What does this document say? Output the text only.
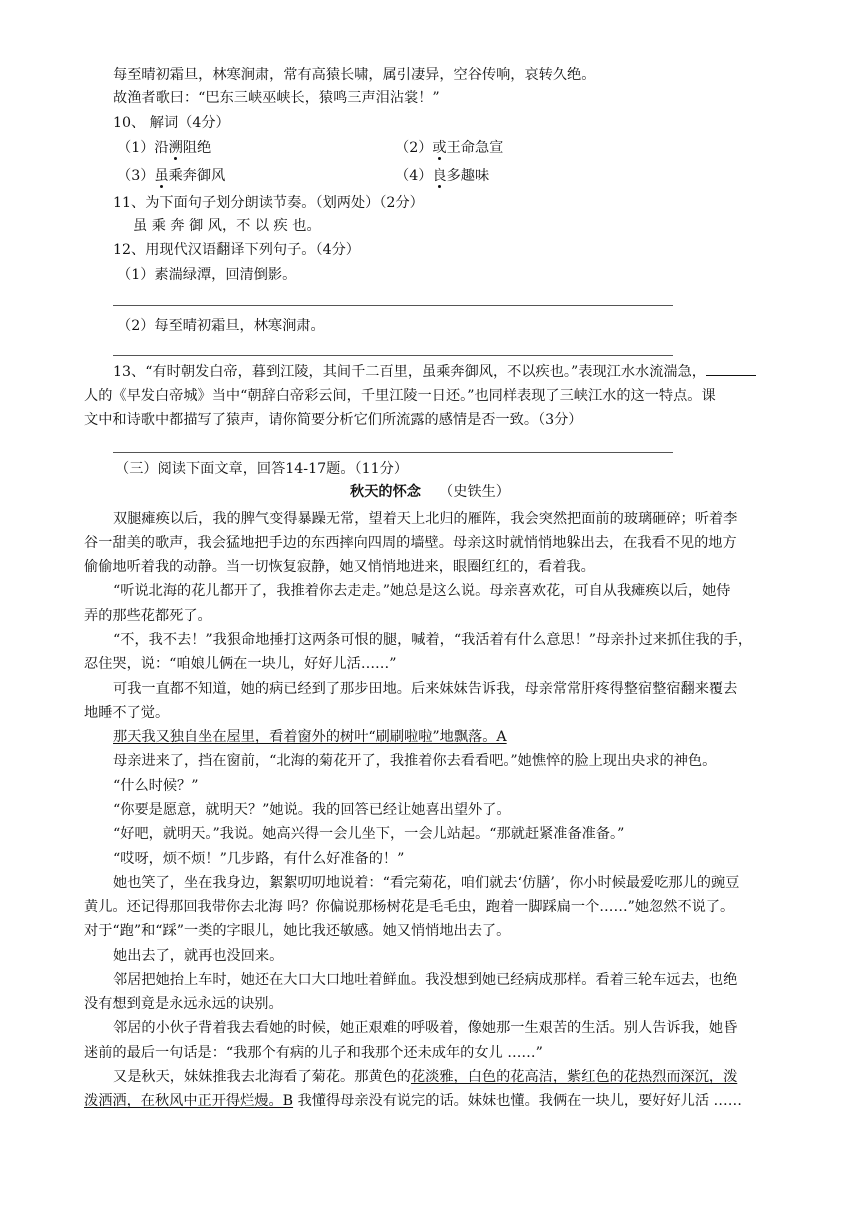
每至晴初霜旦，林寒涧肃，常有高猿长啸，属引凄异，空谷传响，哀转久绝。
故渔者歌曰：“巴东三峡巫峡长，猿鸣三声泪沾裳！”
10、 解词（4分）
（1）沿溯阻绝	（2）或王命急宣
（3）虽乘奔御风	（4）良多趣味
11、为下面句子划分朗读节奏。（划两处）（2分）
虽 乘 奔 御 风，不 以 疾 也。
12、用现代汉语翻译下列句子。（4分）
（1）素湍绿潭，回清倒影。
（2）每至晴初霜旦，林寒涧肃。
13、“有时朝发白帝，暮到江陵，其间千二百里，虽乘奔御风，不以疾也。”表现江水水流湍急，
人的《早发白帝城》当中“朝辞白帝彩云间，千里江陵一日还。”也同样表现了三峡江水的这一特点。课
文中和诗歌中都描写了猿声，请你简要分析它们所流露的感情是否一致。（3分）
（三）阅读下面文章，回答14-17题。（11分）
秋天的怀念 （史铁生）
双腿瘫痪以后，我的脾气变得暴躁无常，望着天上北归的雁阵，我会突然把面前的玻璃砸碎；听着李
谷一甜美的歌声，我会猛地把手边的东西摔向四周的墙壁。母亲这时就悄悄地躲出去，在我看不见的地方
偷偷地听着我的动静。当一切恢复寂静，她又悄悄地进来，眼圈红红的，看着我。
“听说北海的花儿都开了，我推着你去走走。”她总是这么说。母亲喜欢花，可自从我瘫痪以后，她侍
弄的那些花都死了。
“不，我不去！”我狠命地捶打这两条可恨的腿，喊着，“我活着有什么意思！”母亲扑过来抓住我的手，
忍住哭，说：“咱娘儿俩在一块儿，好好儿活……”
可我一直都不知道，她的病已经到了那步田地。后来妹妹告诉我，母亲常常肝疼得整宿整宿翻来覆去
地睡不了觉。
那天我又独自坐在屋里，看着窗外的树叶“刷刷啦啦”地飘落。A
母亲进来了，挡在窗前，“北海的菊花开了，我推着你去看看吧。”她憔悴的脸上现出央求的神色。
“什么时候？”
“你要是愿意，就明天？”她说。我的回答已经让她喜出望外了。
“好吧，就明天。”我说。她高兴得一会儿坐下，一会儿站起。“那就赶紧准备准备。”
“哎呀，烦不烦！”几步路，有什么好准备的！”
她也笑了，坐在我身边，絮絮叨叨地说着：“看完菊花，咱们就去‘仿膳’，你小时候最爱吃那儿的豌豆
黄儿。还记得那回我带你去北海 吗？你偏说那杨树花是毛毛虫，跑着一脚踩扁一个……”她忽然不说了。
对于“跑”和“踩”一类的字眼儿，她比我还敏感。她又悄悄地出去了。
她出去了，就再也没回来。
邻居把她抬上车时，她还在大口大口地吐着鲜血。我没想到她已经病成那样。看着三轮车远去，也绝
没有想到竟是永远永远的诀别。
邻居的小伙子背着我去看她的时候，她正艰难的呼吸着，像她那一生艰苦的生活。别人告诉我，她昏
迷前的最后一句话是：“我那个有病的儿子和我那个还未成年的女儿 ……”
又是秋天，妹妹推我去北海看了菊花。那黄色的花淡雅，白色的花高洁，紫红色的花热烈而深沉，泼
泼洒洒，在秋风中正开得烂熳。B 我懂得母亲没有说完的话。妹妹也懂。我俩在一块儿，要好好儿活 ……
